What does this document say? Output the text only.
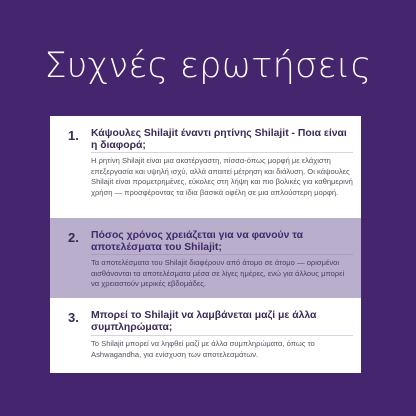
Συχνές ερωτήσεις
1. Κάψουλες Shilajit έναντι ρητίνης Shilajit - Ποια είναι η διαφορά;
Η ρητίνη Shilajit είναι μια ακατέργαστη, πίσσα-όπως μορφή με ελάχιστη επεξεργασία και υψηλή ισχύ, αλλά απαιτεί μέτρηση και διάλυση. Οι κάψουλες Shilajit είναι προμετρημένες, εύκολες στη λήψη και πιο βολικές για καθημερινή χρήση — προσφέροντας τα ίδια βασικά οφέλη σε μια απλούστερη μορφή.
2. Πόσος χρόνος χρειάζεται για να φανούν τα αποτελέσματα του Shilajit;
Τα αποτελέσματα του Shilajit διαφέρουν από άτομο σε άτομο — ορισμένοι αισθάνονται τα αποτελέσματα μέσα σε λίγες ημέρες, ενώ για άλλους μπορεί να χρειαστούν μερικές εβδομάδες.
3. Μπορεί το Shilajit να λαμβάνεται μαζί με άλλα συμπληρώματα;
Το Shilajit μπορεί να ληφθεί μαζί με άλλα συμπληρώματα, όπως το Ashwagandha, για ενίσχυση των αποτελεσμάτων.
